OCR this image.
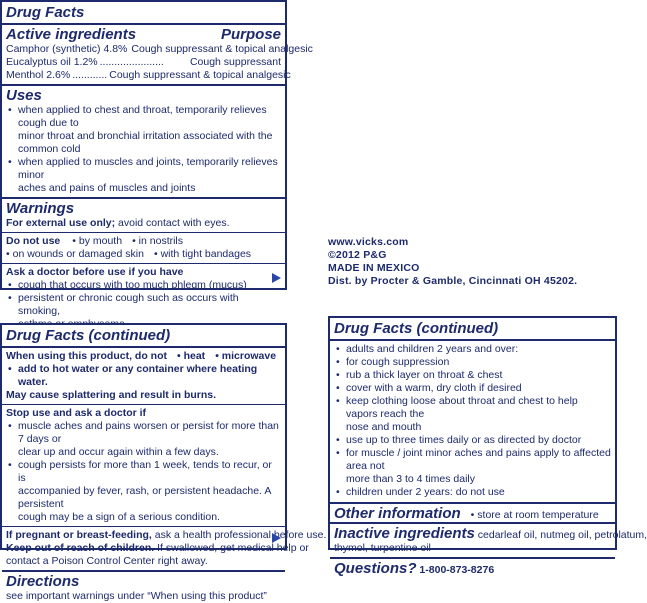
Drug Facts
Active ingredients	Purpose
Camphor (synthetic) 4.8% Cough suppressant & topical analgesic
Eucalyptus oil 1.2% ......................	Cough suppressant
Menthol 2.6% ............ Cough suppressant & topical analgesic
Uses
• when applied to chest and throat, temporarily relieves cough due to
minor throat and bronchial irritation associated with the
common cold
• when applied to muscles and joints, temporarily relieves minor
aches and pains of muscles and joints
Warnings
For external use only; avoid contact with eyes.
Do not use • by mouth • in nostrils
• on wounds or damaged skin • with tight bandages
Ask a doctor before use if you have
• cough that occurs with too much phlegm (mucus)
• persistent or chronic cough such as occurs with smoking,
www.vicks.com
©2012 P&G
MADE IN MEXICO
Dist. by Procter & Gamble, Cincinnati OH 45202.
Drug Facts (continued)
When using this product, do not • heat • microwave
• add to hot water or any container where heating water.
May cause splattering and result in burns.
Stop use and ask a doctor if
• muscle aches and pains worsen or persist for more than 7 days or
clear up and occur again within a few days.
• cough persists for more than 1 week, tends to recur, or is
accompanied by fever, rash, or persistent headache. A persistent
cough may be a sign of a serious condition.
If pregnant or breast-feeding, ask a health professional before use.
Keep out of reach of children. If swallowed, get medical help or
contact a Poison Control Center right away.
Directions
see important warnings under “When using this product”
Drug Facts (continued)
• adults and children 2 years and over:
• for cough suppression
• rub a thick layer on throat & chest
• cover with a warm, dry cloth if desired
• keep clothing loose about throat and chest to help vapors reach the
nose and mouth
• use up to three times daily or as directed by doctor
• for muscle / joint minor aches and pains apply to affected area not
more than 3 to 4 times daily
• children under 2 years: do not use
Other information • store at room temperature
Inactive ingredients cedarleaf oil, nutmeg oil, petrolatum,
thymol, turpentine oil
Questions? 1-800-873-8276
